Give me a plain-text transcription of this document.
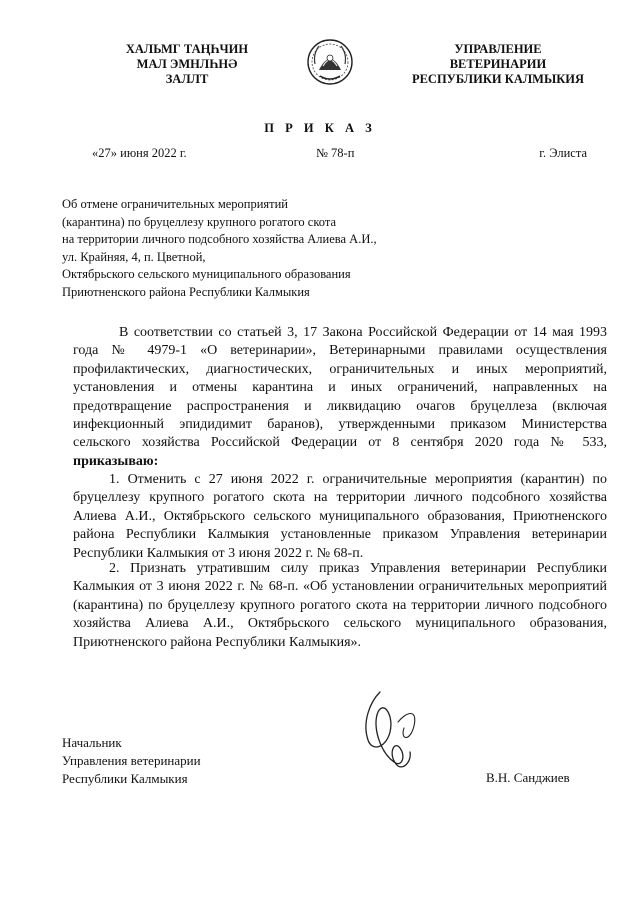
ХАЛЬМГ ТАҢҺЧИН
МАЛ ЭМНЛҺНӘ
ЗАЛЛТ
УПРАВЛЕНИЕ
ВЕТЕРИНАРИИ
РЕСПУБЛИКИ КАЛМЫКИЯ
П Р И К А З
«27» июня 2022 г.	№ 78-п	г. Элиста
Об отмене ограничительных мероприятий
(карантина) по бруцеллезу крупного рогатого скота
на территории личного подсобного хозяйства Алиева А.И.,
ул. Крайняя, 4, п. Цветной,
Октябрьского сельского муниципального образования
Приютненского района Республики Калмыкия
В соответствии со статьей 3, 17 Закона Российской Федерации от 14 мая 1993 года № 4979-1 «О ветеринарии», Ветеринарными правилами осуществления профилактических, диагностических, ограничительных и иных мероприятий, установления и отмены карантина и иных ограничений, направленных на предотвращение распространения и ликвидацию очагов бруцеллеза (включая инфекционный эпидидимит баранов), утвержденными приказом Министерства сельского хозяйства Российской Федерации от 8 сентября 2020 года № 533, приказываю:
1. Отменить с 27 июня 2022 г. ограничительные мероприятия (карантин) по бруцеллезу крупного рогатого скота на территории личного подсобного хозяйства Алиева А.И., Октябрьского сельского муниципального образования, Приютненского района Республики Калмыкия установленные приказом Управления ветеринарии Республики Калмыкия от 3 июня 2022 г. № 68-п.
2. Признать утратившим силу приказ Управления ветеринарии Республики Калмыкия от 3 июня 2022 г. № 68-п. «Об установлении ограничительных мероприятий (карантина) по бруцеллезу крупного рогатого скота на территории личного подсобного хозяйства Алиева А.И., Октябрьского сельского муниципального образования, Приютненского района Республики Калмыкия».
Начальник
Управления ветеринарии
Республики Калмыкия	В.Н. Санджиев
